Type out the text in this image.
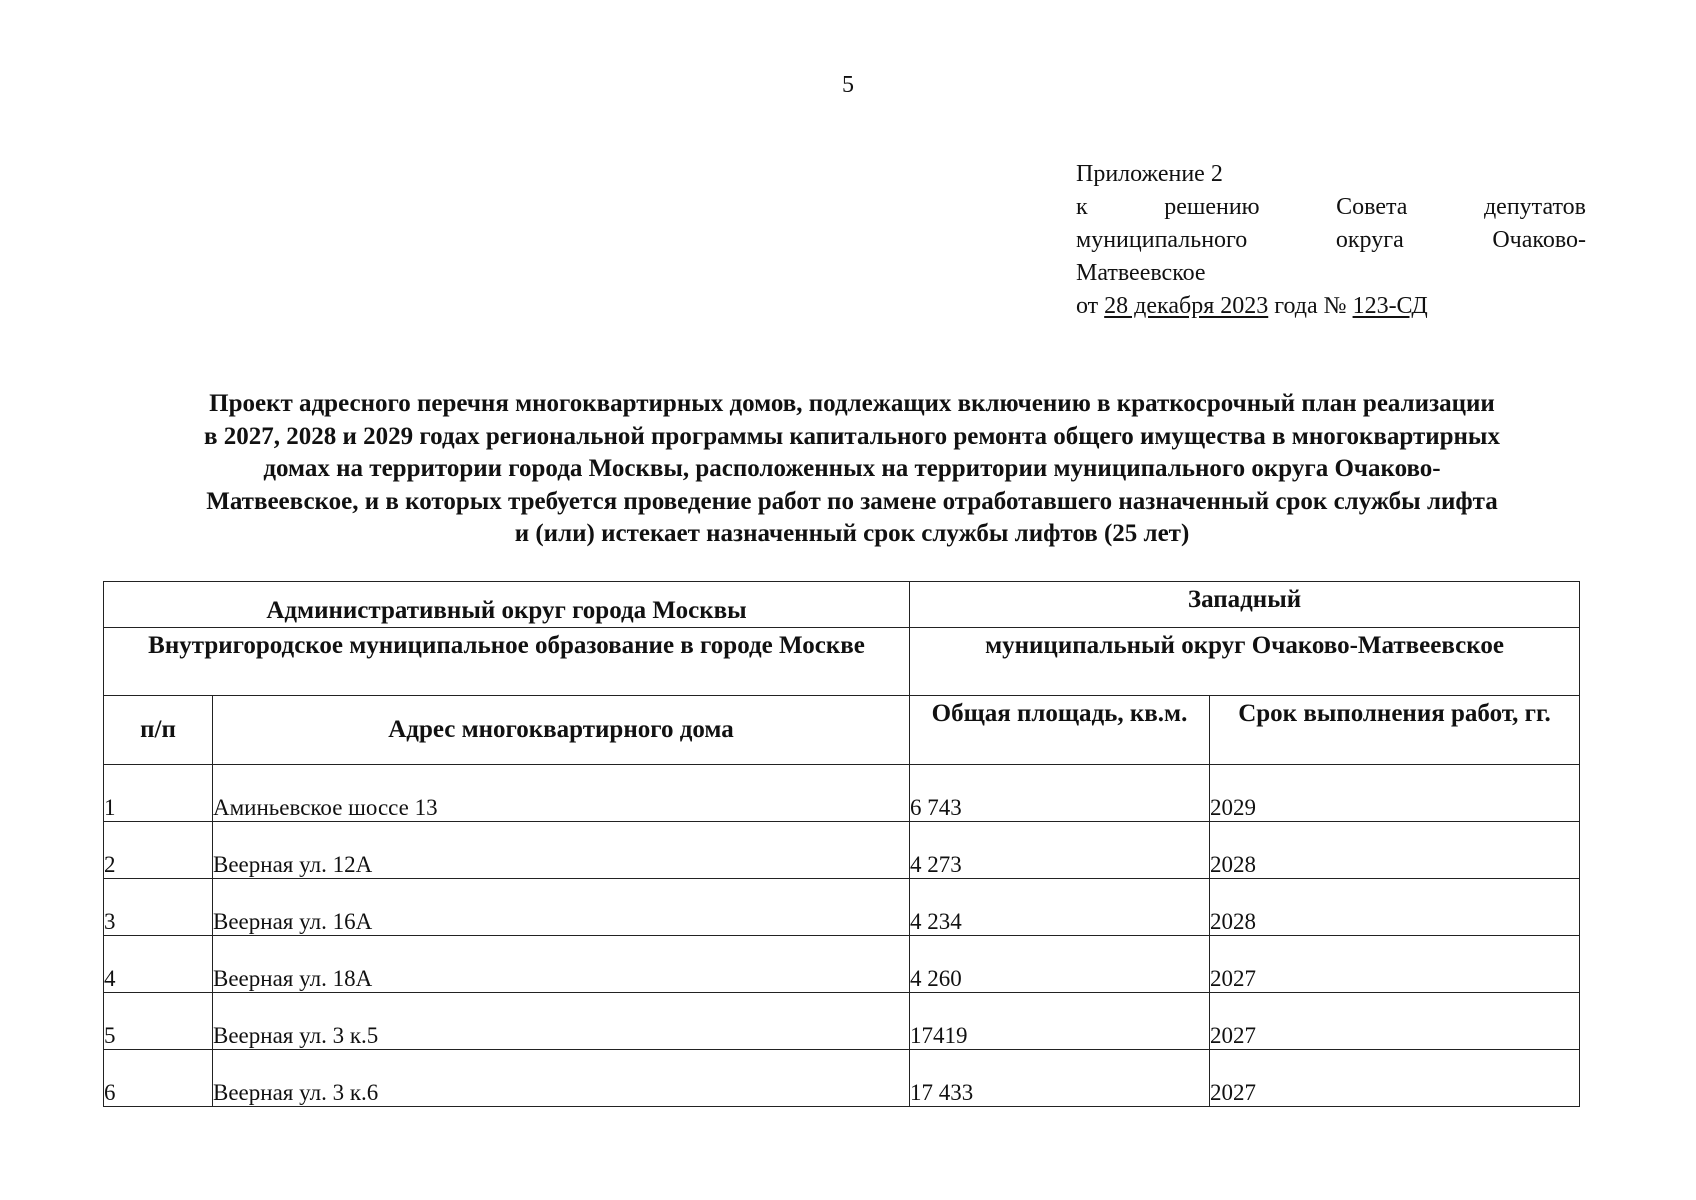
5
Приложение 2
к решению Совета депутатов
муниципального округа Очаково-
Матвеевское
от 28 декабря 2023 года № 123-СД
Проект адресного перечня многоквартирных домов, подлежащих включению в краткосрочный план реализации
в 2027, 2028 и 2029 годах региональной программы капитального ремонта общего имущества в многоквартирных
домах на территории города Москвы, расположенных на территории муниципального округа Очаково-
Матвеевское, и в которых требуется проведение работ по замене отработавшего назначенный срок службы лифта
и (или) истекает назначенный срок службы лифтов (25 лет)
Административный округ города Москвы		Западный	
Внутригородское муниципальное образование в городе Москве		муниципальный округ Очаково-Матвеевское	
п/п	Адрес многоквартирного дома	Общая площадь, кв.м.	Срок выполнения работ, гг.
1	Аминьевское шоссе 13	6 743	2029
2	Веерная ул. 12А	4 273	2028
3	Веерная ул. 16А	4 234	2028
4	Веерная ул. 18А	4 260	2027
5	Веерная ул. 3 к.5	17419	2027
6	Веерная ул. 3 к.6	17 433	2027
